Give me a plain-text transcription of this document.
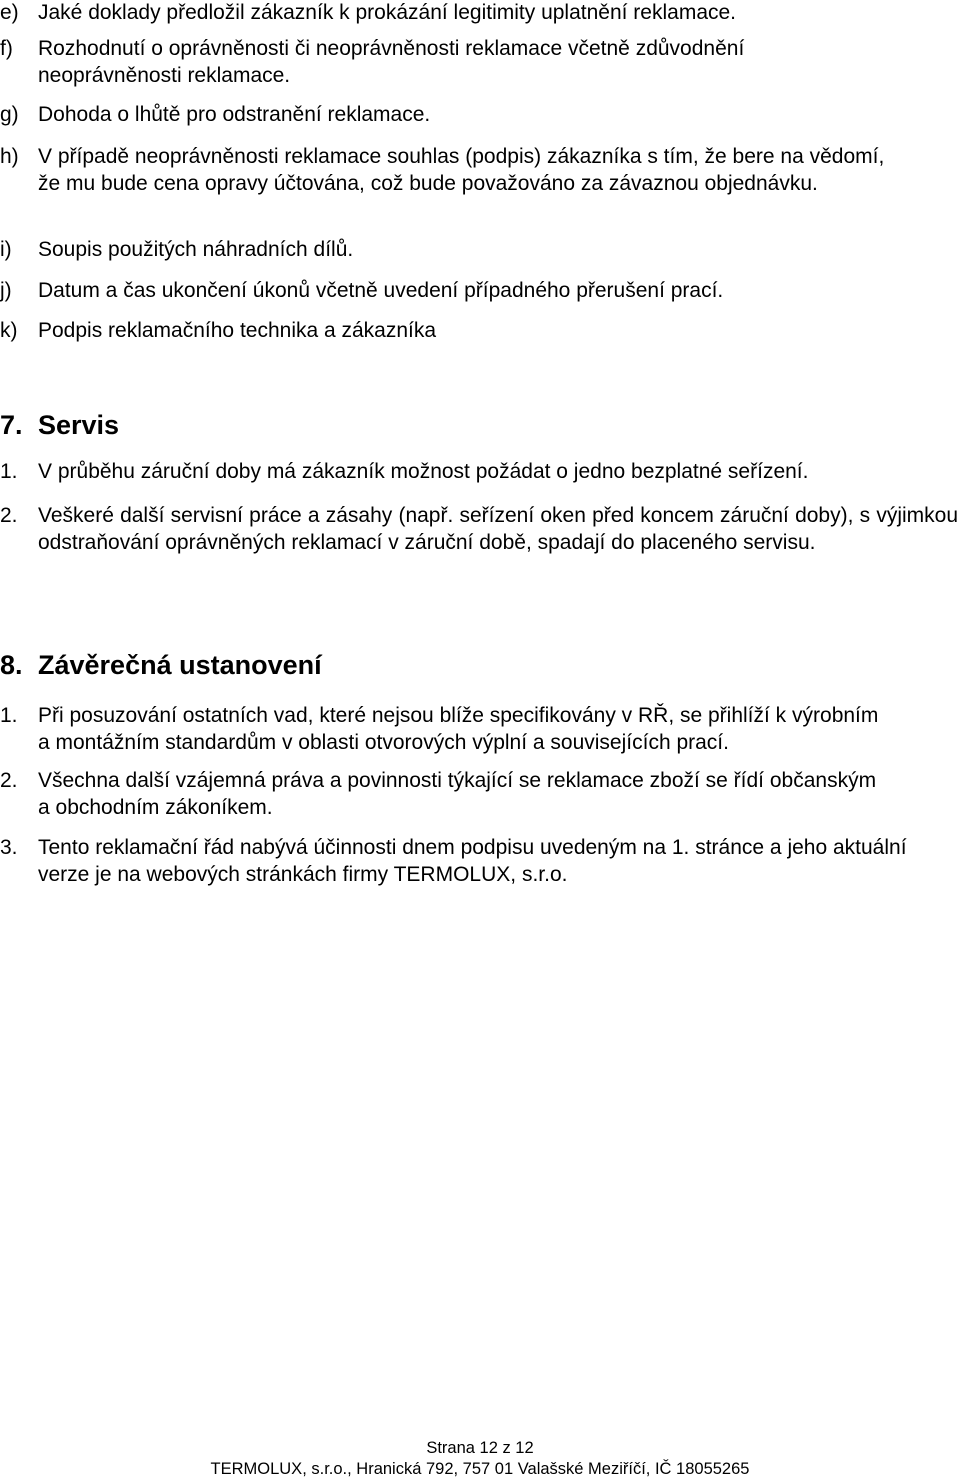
e) Jaké doklady předložil zákazník k prokázání legitimity uplatnění reklamace.
f)	Rozhodnutí o oprávněnosti či neoprávněnosti reklamace včetně zdůvodnění neoprávněnosti reklamace.
g) Dohoda o lhůtě pro odstranění reklamace.
h) V případě neoprávněnosti reklamace souhlas (podpis) zákazníka s tím, že bere na vědomí, že mu bude cena opravy účtována, což bude považováno za závaznou objednávku.
i)	Soupis použitých náhradních dílů.
j)	Datum a čas ukončení úkonů včetně uvedení případného přerušení prací.
k) Podpis reklamačního technika a zákazníka
7. Servis
1. V průběhu záruční doby má zákazník možnost požádat o jedno bezplatné seřízení.
2. Veškeré další servisní práce a zásahy (např. seřízení oken před koncem záruční doby), s výjimkou odstraňování oprávněných reklamací v záruční době, spadají do placeného servisu.
8. Závěrečná ustanovení
1. Při posuzování ostatních vad, které nejsou blíže specifikovány v RŘ, se přihlíží k výrobním a montážním standardům v oblasti otvorových výplní a souvisejících prací.
2. Všechna další vzájemná práva a povinnosti týkající se reklamace zboží se řídí občanským a obchodním zákoníkem.
3. Tento reklamační řád nabývá účinnosti dnem podpisu uvedeným na 1. stránce a jeho aktuální verze je na webových stránkách firmy TERMOLUX, s.r.o.
Strana 12 z 12
TERMOLUX, s.r.o., Hranická 792, 757 01 Valašské Meziříčí, IČ 18055265
